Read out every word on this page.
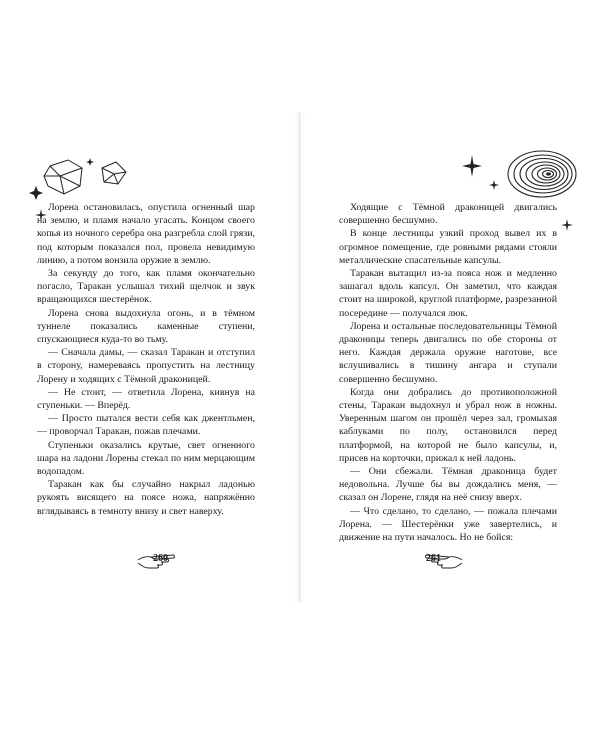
Лорена остановилась, опустила огненный шар на землю, и пламя начало угасать. Концом своего копья из ночного серебра она разгребла слой грязи, под которым показался пол, провела невидимую линию, а потом вонзила оружие в землю.

За секунду до того, как пламя окончательно погасло, Таракан услышал тихий щелчок и звук вращающихся шестерёнок.

Лорена снова выдохнула огонь, и в тёмном туннеле показались каменные ступени, спускающиеся куда-то во тьму.

— Сначала дамы, — сказал Таракан и отступил в сторону, намереваясь пропустить на лестницу Лорену и ходящих с Тёмной драконицей.

— Не стоит, — ответила Лорена, кивнув на ступеньки. — Вперёд.

— Просто пытался вести себя как джентльмен, — проворчал Таракан, пожав плечами.

Ступеньки оказались крутые, свет огненного шара на ладони Лорены стекал по ним мерцающим водопадом.

Таракан как бы случайно накрыл ладонью рукоять висящего на поясе ножа, напряжённо вглядываясь в темноту внизу и свет наверху.

Ходящие с Тёмной драконицей двигались совершенно бесшумно.

В конце лестницы узкий проход вывел их в огромное помещение, где ровными рядами стояли металлические спасательные капсулы.

Таракан вытащил из-за пояса нож и медленно зашагал вдоль капсул. Он заметил, что каждая стоит на широкой, круглой платформе, разрезанной посередине — получался люк.

Лорена и остальные последовательницы Тёмной драконицы теперь двигались по обе стороны от него. Каждая держала оружие наготове, все вслушивались в тишину ангара и ступали совершенно бесшумно.

Когда они добрались до противоположной стены, Таракан выдохнул и убрал нож в ножны. Уверенным шагом он прошёл через зал, громыхая каблуками по полу, остановился перед платформой, на которой не было капсулы, и, присев на корточки, прижал к ней ладонь.

— Они сбежали. Тёмная драконица будет недовольна. Лучше бы вы дождались меня, — сказал он Лорене, глядя на неё снизу вверх.

— Что сделано, то сделано, — пожала плечами Лорена. — Шестерёнки уже завертелись, и движение на пути началось. Но не бойся:

260	261
